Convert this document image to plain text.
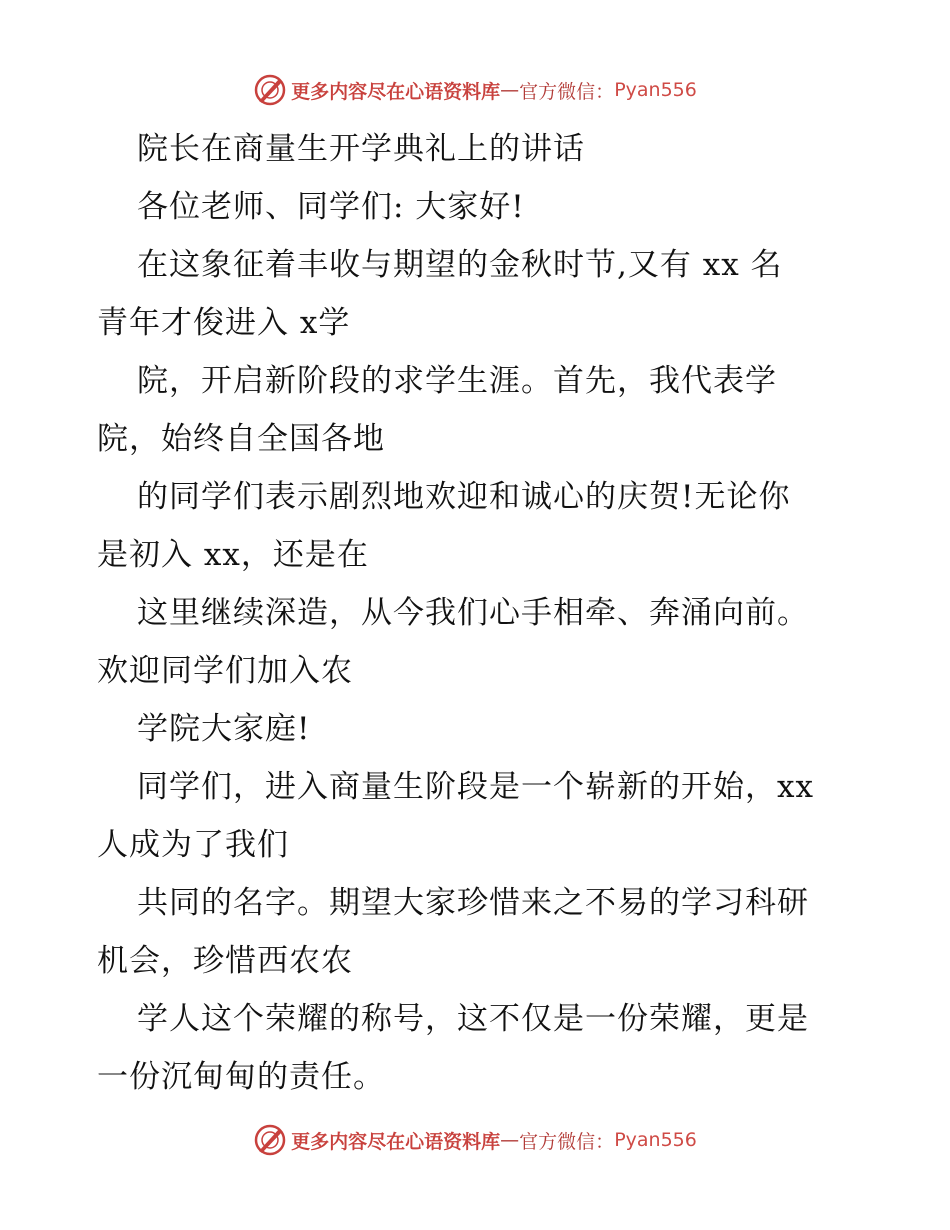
更多内容尽在心语资料库 — 官方微信： Pyan556
院长在商量生开学典礼上的讲话
各位老师、同学们: 大家好!
在这象征着丰收与期望的金秋时节,又有 xx 名
青年才俊进入 x学
院，开启新阶段的求学生涯。首先，我代表学
院，始终自全国各地
的同学们表示剧烈地欢迎和诚心的庆贺!无论你
是初入 xx，还是在
这里继续深造，从今我们心手相牵、奔涌向前。
欢迎同学们加入农
学院大家庭!
同学们，进入商量生阶段是一个崭新的开始，xx
人成为了我们
共同的名字。期望大家珍惜来之不易的学习科研
机会，珍惜西农农
学人这个荣耀的称号，这不仅是一份荣耀，更是
一份沉甸甸的责任。
更多内容尽在心语资料库 — 官方微信： Pyan556
